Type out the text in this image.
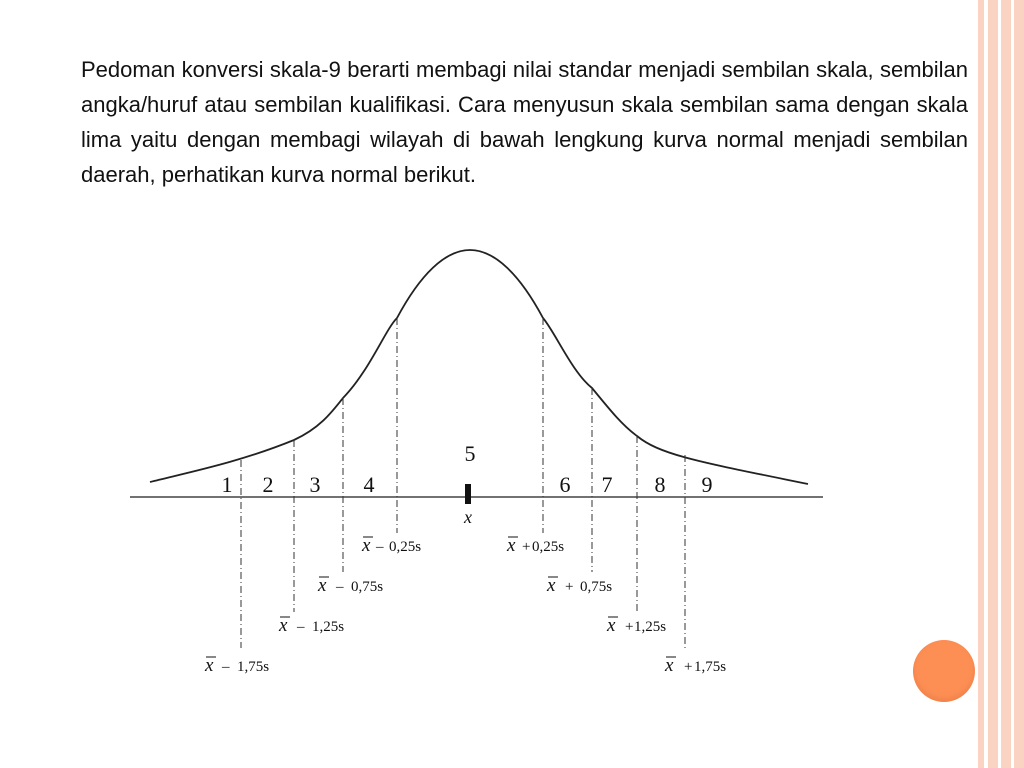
Pedoman konversi skala-9 berarti membagi nilai standar menjadi sembilan skala, sembilan angka/huruf atau sembilan kualifikasi. Cara menyusun skala sembilan sama dengan skala lima yaitu dengan membagi wilayah di bawah lengkung kurva normal menjadi sembilan daerah, perhatikan kurva normal berikut.

1 2 3 4
5
6 7 8 9
x
x – 0,25s	x + 0,25s
x – 0,75s	x + 0,75s
x – 1,25s	x + 1,25s
x – 1,75s	x + 1,75s
